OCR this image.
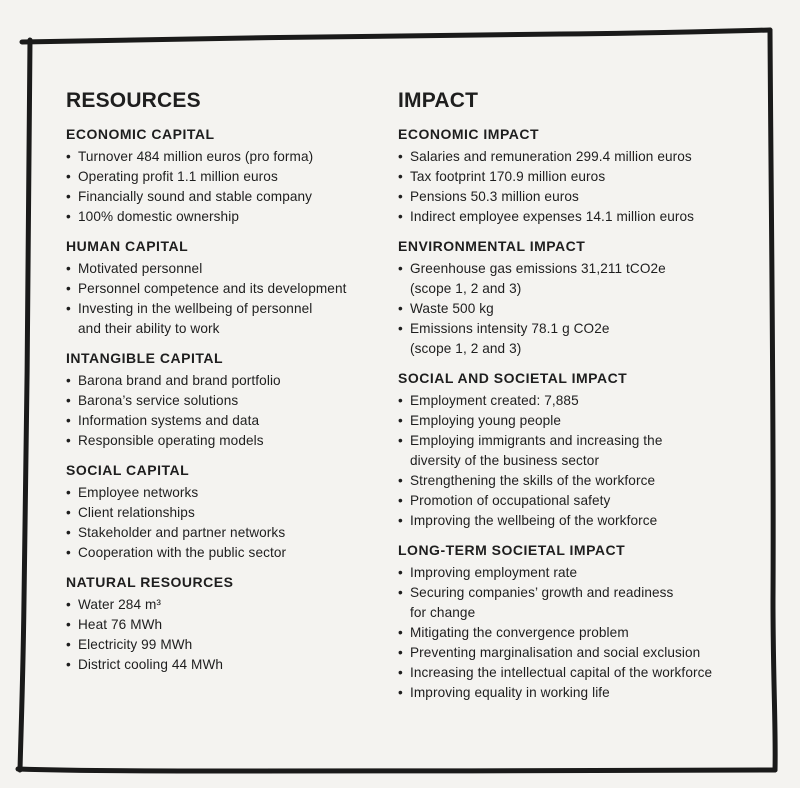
RESOURCES
ECONOMIC CAPITAL
• Turnover 484 million euros (pro forma)
• Operating profit 1.1 million euros
• Financially sound and stable company
• 100% domestic ownership
HUMAN CAPITAL
• Motivated personnel
• Personnel competence and its development
• Investing in the wellbeing of personnel
and their ability to work
INTANGIBLE CAPITAL
• Barona brand and brand portfolio
• Barona’s service solutions
• Information systems and data
• Responsible operating models
SOCIAL CAPITAL
• Employee networks
• Client relationships
• Stakeholder and partner networks
• Cooperation with the public sector
NATURAL RESOURCES
• Water 284 m³
• Heat 76 MWh
• Electricity 99 MWh
• District cooling 44 MWh
IMPACT
ECONOMIC IMPACT
• Salaries and remuneration 299.4 million euros
• Tax footprint 170.9 million euros
• Pensions 50.3 million euros
• Indirect employee expenses 14.1 million euros
ENVIRONMENTAL IMPACT
• Greenhouse gas emissions 31,211 tCO2e
(scope 1, 2 and 3)
• Waste 500 kg
• Emissions intensity 78.1 g CO2e
(scope 1, 2 and 3)
SOCIAL AND SOCIETAL IMPACT
• Employment created: 7,885
• Employing young people
• Employing immigrants and increasing the
diversity of the business sector
• Strengthening the skills of the workforce
• Promotion of occupational safety
• Improving the wellbeing of the workforce
LONG-TERM SOCIETAL IMPACT
• Improving employment rate
• Securing companies’ growth and readiness
for change
• Mitigating the convergence problem
• Preventing marginalisation and social exclusion
• Increasing the intellectual capital of the workforce
• Improving equality in working life
